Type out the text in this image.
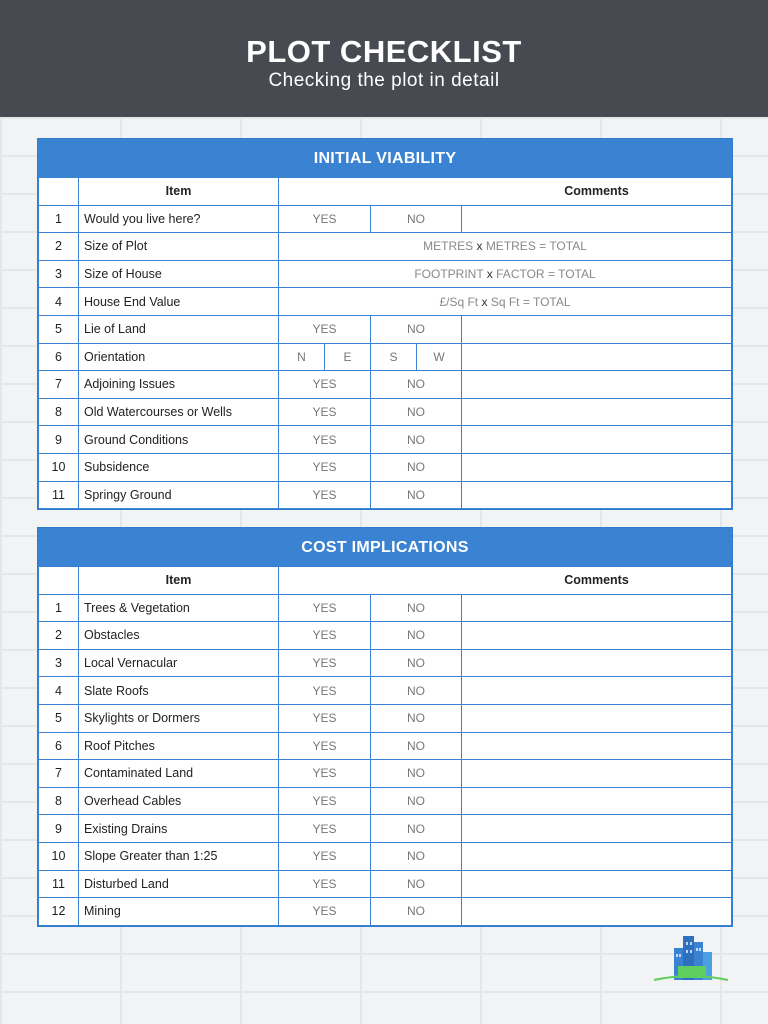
PLOT CHECKLIST
Checking the plot in detail
INITIAL VIABILITY
	Item					Comments
1	Would you live here?	YES		NO		
2	Size of Plot	METRES x METRES = TOTAL				
3	Size of House	FOOTPRINT x FACTOR = TOTAL				
4	House End Value	£/Sq Ft x Sq Ft = TOTAL				
5	Lie of Land	YES		NO		
6	Orientation	N	E	S	W	
7	Adjoining Issues	YES		NO		
8	Old Watercourses or Wells	YES		NO		
9	Ground Conditions	YES		NO		
10	Subsidence	YES		NO		
11	Springy Ground	YES		NO		
COST IMPLICATIONS
	Item			Comments
1	Trees & Vegetation	YES	NO	
2	Obstacles	YES	NO	
3	Local Vernacular	YES	NO	
4	Slate Roofs	YES	NO	
5	Skylights or Dormers	YES	NO	
6	Roof Pitches	YES	NO	
7	Contaminated Land	YES	NO	
8	Overhead Cables	YES	NO	
9	Existing Drains	YES	NO	
10	Slope Greater than 1:25	YES	NO	
11	Disturbed Land	YES	NO	
12	Mining	YES	NO	
